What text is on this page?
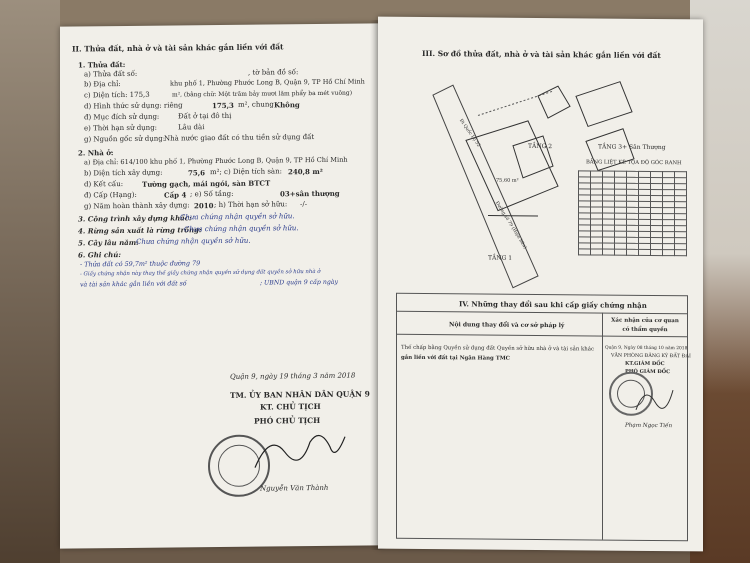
II. Thửa đất, nhà ở và tài sản khác gắn liền với đất
1. Thửa đất:
a) Thửa đất số:	, tờ bản đồ số:
b) Địa chỉ:	khu phố 1, Phường Phước Long B, Quận 9, TP Hồ Chí Minh
c) Diện tích: 175,3	m², (bằng chữ: Một trăm bảy mươi lăm phẩy ba mét vuông)
d) Hình thức sử dụng: riêng	175,3 m², chung Không
đ) Mục đích sử dụng:	Đất ở tại đô thị
e) Thời hạn sử dụng:	Lâu dài
g) Nguồn gốc sử dụng:
Nhà nước giao đất có thu tiền sử dụng đất
2. Nhà ở:
a) Địa chỉ: 614/100 khu phố 1, Phường Phước Long B, Quận 9, TP Hồ Chí Minh
b) Diện tích xây dựng:	75,6 m²; c) Diện tích sàn: 240,8 m²
d) Kết cấu:	Tường gạch, mái ngói, sàn BTCT
đ) Cấp (Hạng):	Cấp 4 ; e) Số tầng:	03+sân thượng
g) Năm hoàn thành xây dựng: 2010 ; h) Thời hạn sở hữu: -/-
3. Công trình xây dựng khác:
Chưa chứng nhận quyền sở hữu.
4. Rừng sản xuất là rừng trồng:
Chưa chứng nhận quyền sở hữu.
5. Cây lâu năm:
Chưa chứng nhận quyền sở hữu.
6. Ghi chú:
- Thửa đất có 59,7m² thuộc đường 79
- Giấy chứng nhận này thay thế giấy chứng nhận quyền sử dụng đất quyền sở hữu nhà ở
và tài sản khác gắn liền với đất số	; UBND quận 9 cấp ngày
Quận 9, ngày 19 tháng 3 năm 2018
TM. ỦY BAN NHÂN DÂN QUẬN 9
KT. CHỦ TỊCH
PHÓ CHỦ TỊCH
Nguyễn Văn Thành
III. Sơ đồ thửa đất, nhà ở và tài sản khác gắn liền với đất
TẦNG 2	TẦNG 3+ Sân Thượng
TẦNG 1
Đường số 79 (Hiện hữu)
Đi Quốc Lộ 52
75,60 m²
BẢNG LIỆT KÊ TỌA ĐỘ GÓC RANH

IV. Những thay đổi sau khi cấp giấy chứng nhận
Nội dung thay đổi và cơ sở pháp lý
Xác nhận của cơ quan có thẩm quyền
Thế chấp bằng Quyền sử dụng đất Quyền sở hữu nhà ở và tài sản khác
gắn liền với đất tại Ngân Hàng TMC
Quận 9, Ngày 08 tháng 10 năm 2018
VĂN PHÒNG ĐĂNG KÝ ĐẤT ĐAI
KT.GIÁM ĐỐC
PHÓ GIÁM ĐỐC
Phạm Ngọc Tiến
